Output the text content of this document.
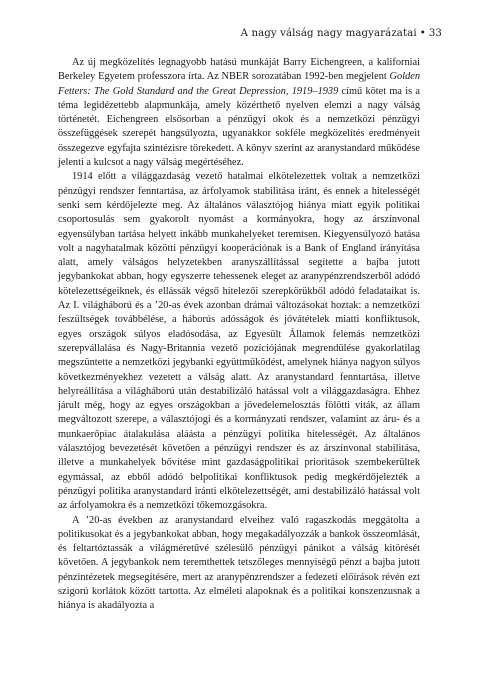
A nagy válság nagy magyarázatai • 33

Az új megközelítés legnagyobb hatású munkáját Barry Eichengreen, a kaliforniai Berkeley Egyetem professzora írta. Az NBER sorozatában 1992-ben megjelent Golden Fetters: The Gold Standard and the Great Depression, 1919–1939 című kötet ma is a téma legidézettebb alapmunkája, amely közérthető nyelven elemzi a nagy válság történetét. Eichengreen elsősorban a pénzügyi okok és a nemzetközi pénzügyi összefüggések szerepét hangsúlyozta, ugyanakkor sokféle megközelítés eredményeit összegezve egyfajta szintézisre törekedett. A könyv szerint az aranystandard működése jelenti a kulcsot a nagy válság megértéséhez.

1914 előtt a világgazdaság vezető hatalmai elkötelezettek voltak a nemzetközi pénzügyi rendszer fenntartása, az árfolyamok stabilitása iránt, és ennek a hitelességét senki sem kérdőjelezte meg. Az általános választójog hiánya miatt egyik politikai csoportosulás sem gyakorolt nyomást a kormányokra, hogy az árszínvonal egyensúlyban tartása helyett inkább munkahelyeket teremtsen. Kiegyensúlyozó hatása volt a nagyhatalmak közötti pénzügyi kooperációnak is a Bank of England irányítása alatt, amely válságos helyzetekben aranyszállítással segítette a bajba jutott jegybankokat abban, hogy egyszerre tehessenek eleget az aranypénzrendszerből adódó kötelezettségeiknek, és ellássák végső hitelezői szerepkörükből adódó feladataikat is. Az I. világháború és a ’20-as évek azonban drámai változásokat hoztak: a nemzetközi feszültségek továbbélése, a háborús adósságok és jóvátételek miatti konfliktusok, egyes országok súlyos eladósodása, az Egyesült Államok felemás nemzetközi szerepvállalása és Nagy-Britannia vezető pozíciójának megrendülése gyakorlatilag megszüntette a nemzetközi jegybanki együttműködést, amelynek hiánya nagyon súlyos következményekhez vezetett a válság alatt. Az aranystandard fenntartása, illetve helyreállítása a világháború után destabilizáló hatással volt a világgazdaságra. Ehhez járult még, hogy az egyes országokban a jövedelemelosztás fölötti viták, az állam megváltozott szerepe, a választójogi és a kormányzati rendszer, valamint az áru- és a munkaerőpiac átalakulása aláásta a pénzügyi politika hitelességét. Az általános választójog bevezetését követően a pénzügyi rendszer és az árszínvonal stabilitása, illetve a munkahelyek bővítése mint gazdaságpolitikai prioritások szembekerültek egymással, az ebből adódó belpolitikai konfliktusok pedig megkérdőjelezték a pénzügyi politika aranystandard iránti elkötelezettségét, ami destabilizáló hatással volt az árfolyamokra és a nemzetközi tőkemozgásokra.

A ’20-as években az aranystandard elveihez való ragaszkodás meggátolta a politikusokat és a jegybankokat abban, hogy megakadályozzák a bankok összeomlását, és feltartóztassák a világméretűvé szélesülő pénzügyi pánikot a válság kitörését követően. A jegybankok nem teremthettek tetszőleges mennyiségű pénzt a bajba jutott pénzintézetek megsegítésére, mert az aranypénzrendszer a fedezeti előírások révén ezt szigorú korlátok között tartotta. Az elméleti alapoknak és a politikai konszenzusnak a hiánya is akadályozta a
